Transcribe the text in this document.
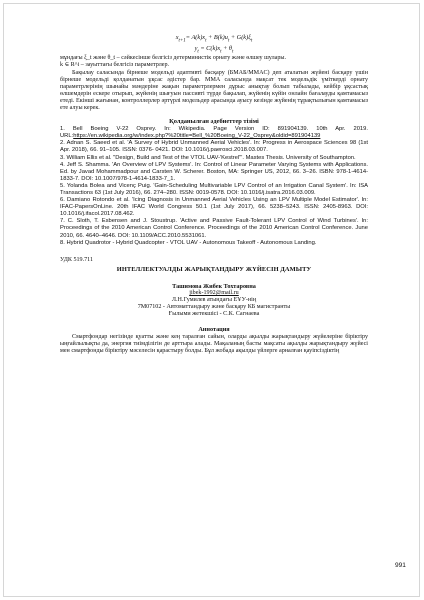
$x_{t+1}= A(k)x_t + B(k)u_t + G(k)\xi_t$
$y_t = C(k)x_t + \theta_t$

мұндағы ξ_t және θ_t – сәйкесінше белгісіз детерминистік орнату және өлшеу шулары.

k ∈ R^i – зауыттағы белгісіз параметрлер.

Бақылау саласында бірнеше модельді адаптивті басқару (БМАБ/MMAC) деп аталатын жүйені басқару үшін бірнеше модельді қолданатын ұқсас әдістер бар. MMA саласында мақсат тек модельдік үміткерді орнату параметрлерінің шынайы мәндеріне жақын параметрлермен дұрыс анықтау болып табылады, кейбір ұқсастық өлшемдерін ескере отырып, жүйенің шығуын пассивті түрде бақылап, жүйенің күйін онлайн бағалауды қамтамасыз етеді. Екінші жағынан, контроллерлер әртүрлі модельдер арасында ауысу кезінде жүйенің тұрақтылығын қамтамасыз ете алуы керек.

Қолданылған әдебиеттер тізімі

1. Bell Boeing V-22 Osprey. In: Wikipedia. Page Version ID: 891904139. 10th Apr. 2019. URL:https://en.wikipedia.org/w/index.php?%20title=Bell_%20Boeing_V-22_Osprey&oldid=891904139

2. Adnan S. Saeed et al. 'A Survey of Hybrid Unmanned Aerial Vehicles'. In: Progress in Aerospace Sciences 98 (1st Apr. 2018), 66. 91–105. ISSN: 0376- 0421. DOI: 10.1016/j.paerosci.2018.03.007.

3. William Ellis et al. "Design, Build and Test of the VTOL UAV-'Kestrel'". Mastes Thesis. University of Southampton.

4. Jeff S. Shamma. 'An Overview of LPV Systems'. In: Control of Linear Parameter Varying Systems with Applications. Ed. by Javad Mohammadpour and Carsten W. Scherer. Boston, MA: Springer US, 2012, 66. 3–26. ISBN: 978-1-4614-1833-7. DOI: 10.1007/978-1-4614-1833-7_1.

5. Yolanda Bolea and Vicenç Puig. 'Gain-Scheduling Multivariable LPV Control of an Irrigation Canal System'. In: ISA Transactions 63 (1st July 2016), 66. 274–280. ISSN: 0019-0578. DOI: 10.1016/j.isatra.2016.03.009.

6. Damiano Rotondo et al. 'Icing Diagnosis in Unmanned Aerial Vehicles Using an LPV Multiple Model Estimator'. In: IFAC-PapersOnLine. 20th IFAC World Congress 50.1 (1st July 2017), 66. 5238–5243. ISSN: 2405-8963. DOI: 10.1016/j.ifacol.2017.08.462.

7. C. Sloth, T. Esbensen and J. Stoustrup. 'Active and Passive Fault-Tolerant LPV Control of Wind Turbines'. In: Proceedings of the 2010 American Control Conference. Proceedings of the 2010 American Control Conference. June 2010, 66. 4640–4646. DOI: 10.1109/ACC.2010.5531061.

8. Hybrid Quadrotor - Hybrid Quadcopter - VTOL UAV - Autonomous Takeoff - Autonomous Landing.

УДК 519.711
ИНТЕЛЛЕКТУАЛДЫ ЖАРЫҚТАНДЫРУ ЖҮЙЕСІН ДАМЫТУ
Ташимова Жибек Тохтаровна
jibek-1992@mail.ru
Л.Н.Гумилев атындағы ЕҰУ-нің
7М07102 - Автоматтандыру және басқару КБ магистранты
Ғылыми жетекшісі - С.К. Сагнаева
Аннотация

Смартфондар негізінде қуатты және кең таралған сайын, оларды ақылды жарықтандыру жүйелеріне біріктіру ыңғайлылықты да, энергия тиімділігін де арттыра алады. Мақаланың басты мақсаты ақылды жарықтандыру жүйесі мен смартфонды біріктіру мәселесін қарастыру болды. Бұл жобада ақылды үйлерге арналған қауіпсіздіктің

991
